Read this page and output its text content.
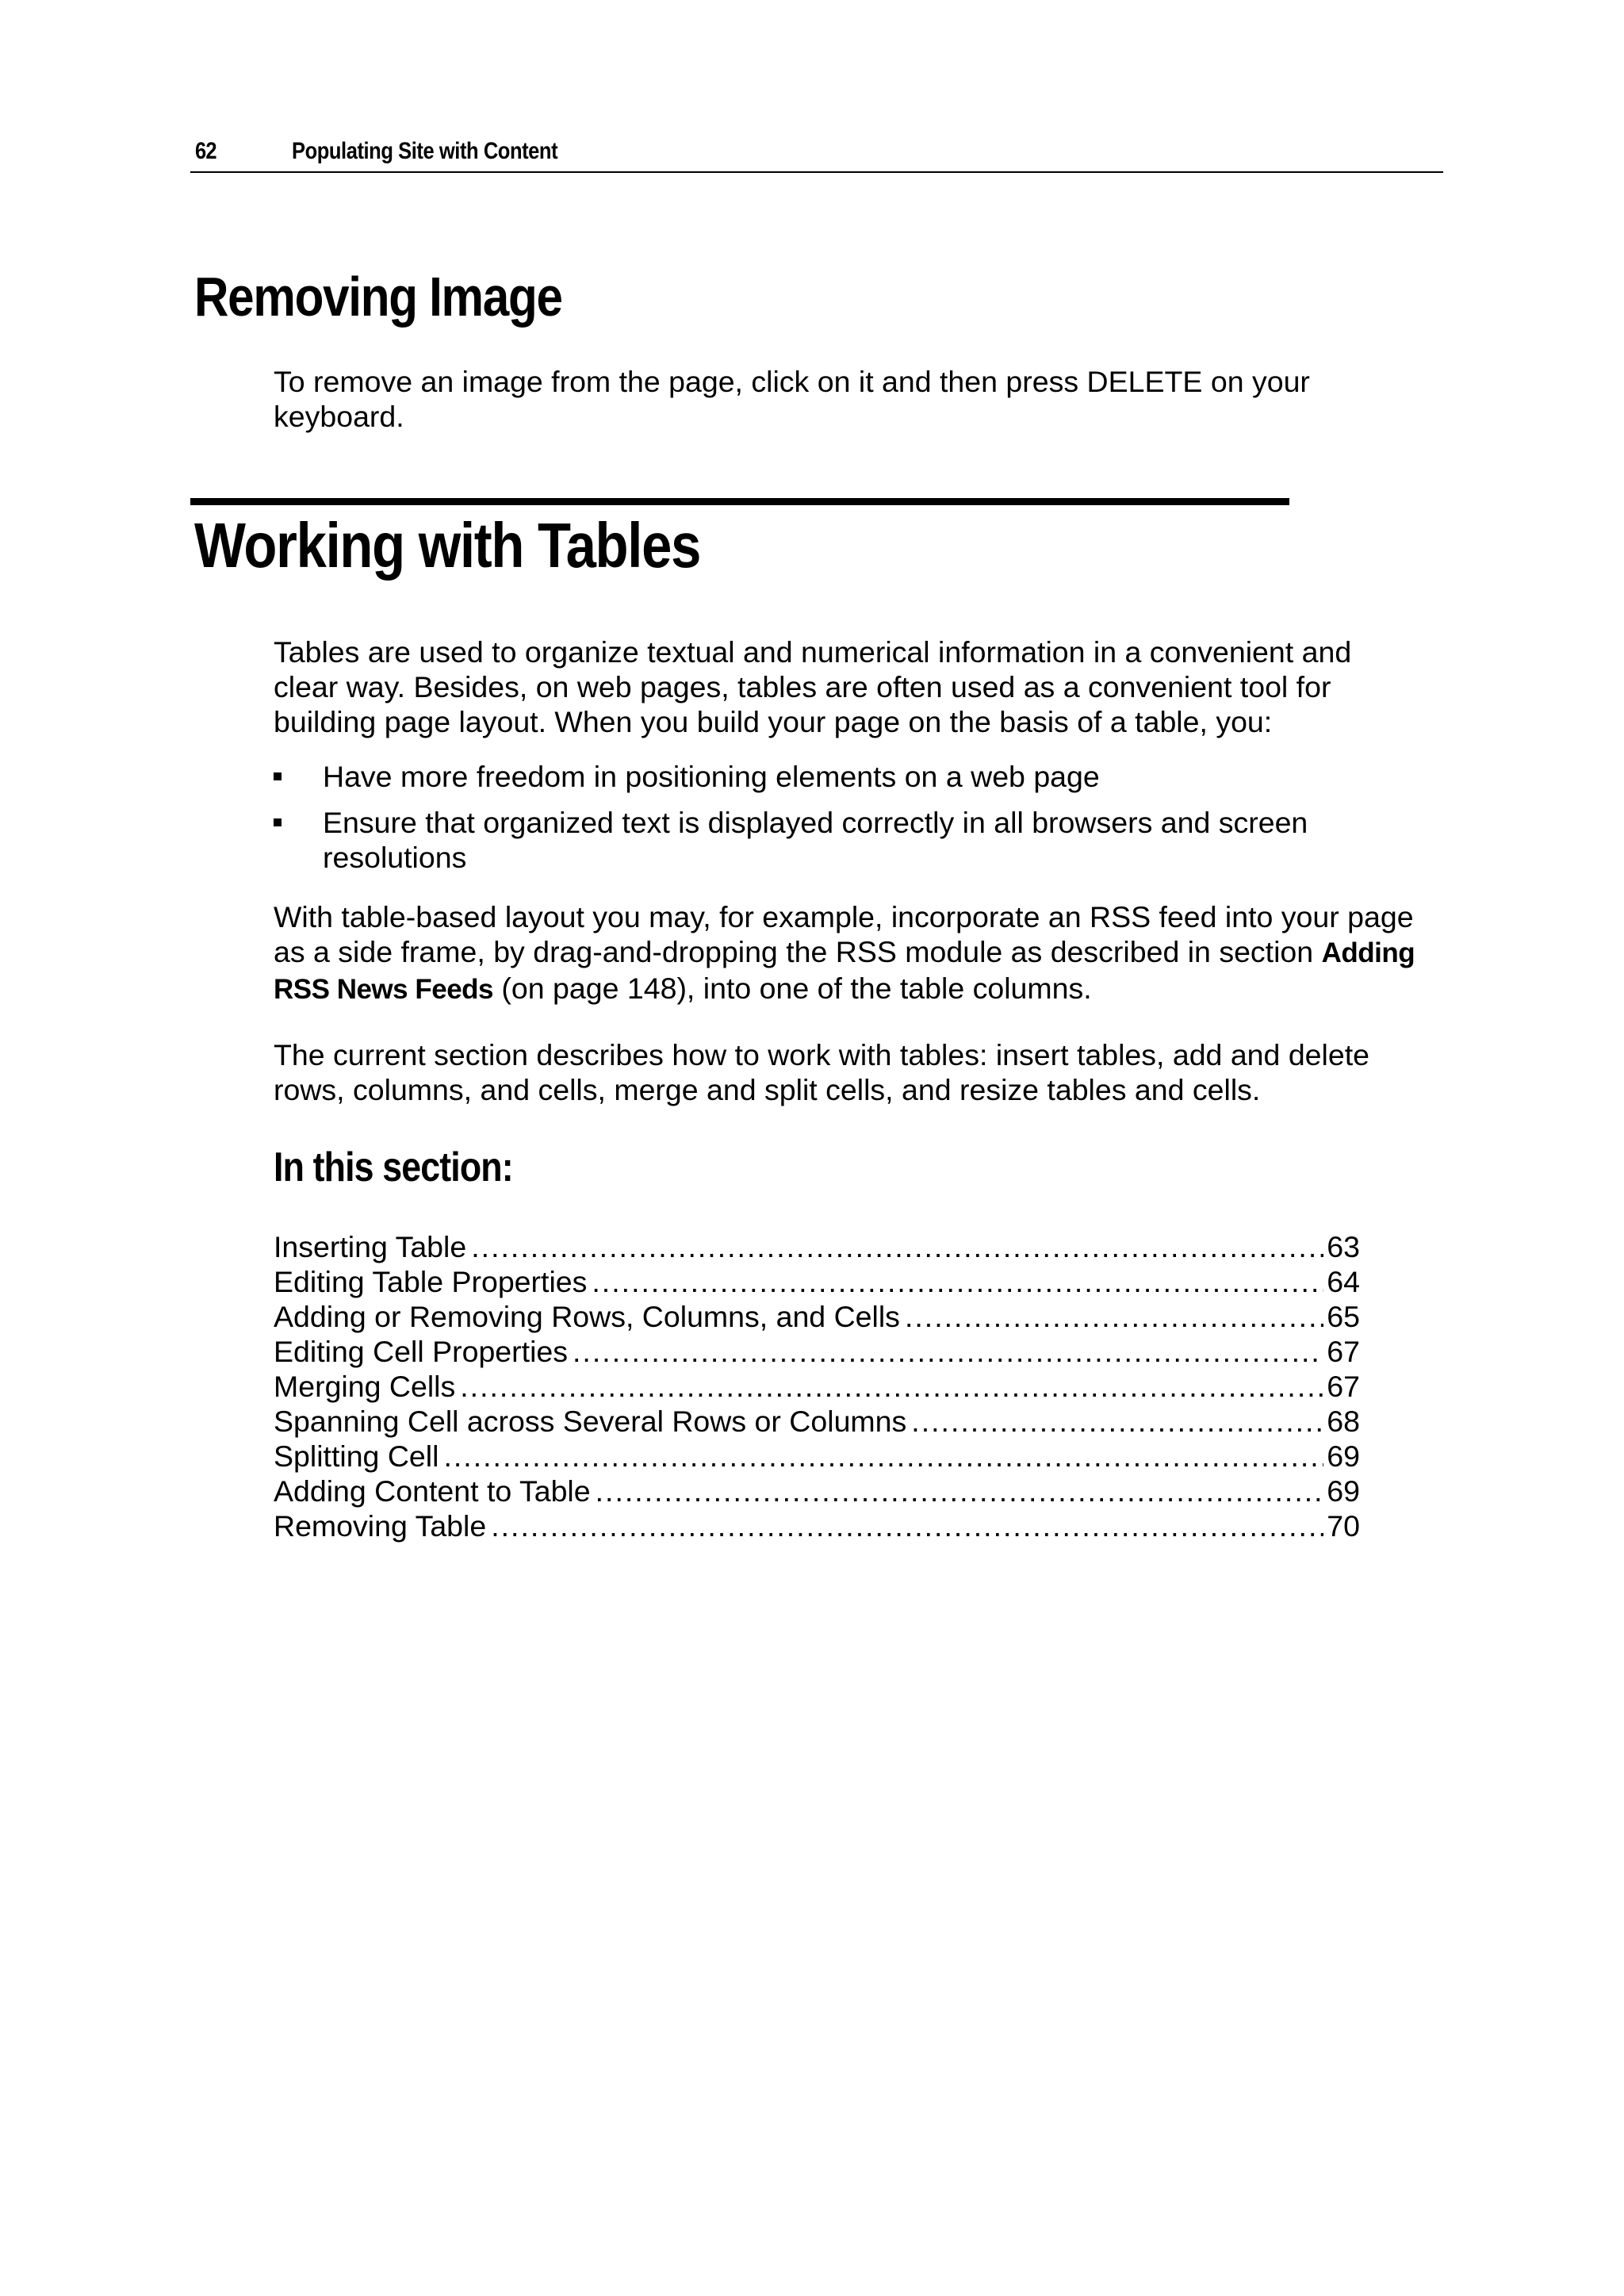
62	Populating Site with Content
Removing Image
To remove an image from the page, click on it and then press DELETE on your keyboard.
Working with Tables
Tables are used to organize textual and numerical information in a convenient and clear way. Besides, on web pages, tables are often used as a convenient tool for building page layout. When you build your page on the basis of a table, you:
Have more freedom in positioning elements on a web page
Ensure that organized text is displayed correctly in all browsers and screen resolutions
With table-based layout you may, for example, incorporate an RSS feed into your page as a side frame, by drag-and-dropping the RSS module as described in section Adding RSS News Feeds (on page 148), into one of the table columns.
The current section describes how to work with tables: insert tables, add and delete rows, columns, and cells, merge and split cells, and resize tables and cells.
In this section:
Inserting Table .....	63
Editing Table Properties .....	64
Adding or Removing Rows, Columns, and Cells .....	65
Editing Cell Properties .....	67
Merging Cells .....	67
Spanning Cell across Several Rows or Columns .....	68
Splitting Cell .....	69
Adding Content to Table .....	69
Removing Table .....	70
